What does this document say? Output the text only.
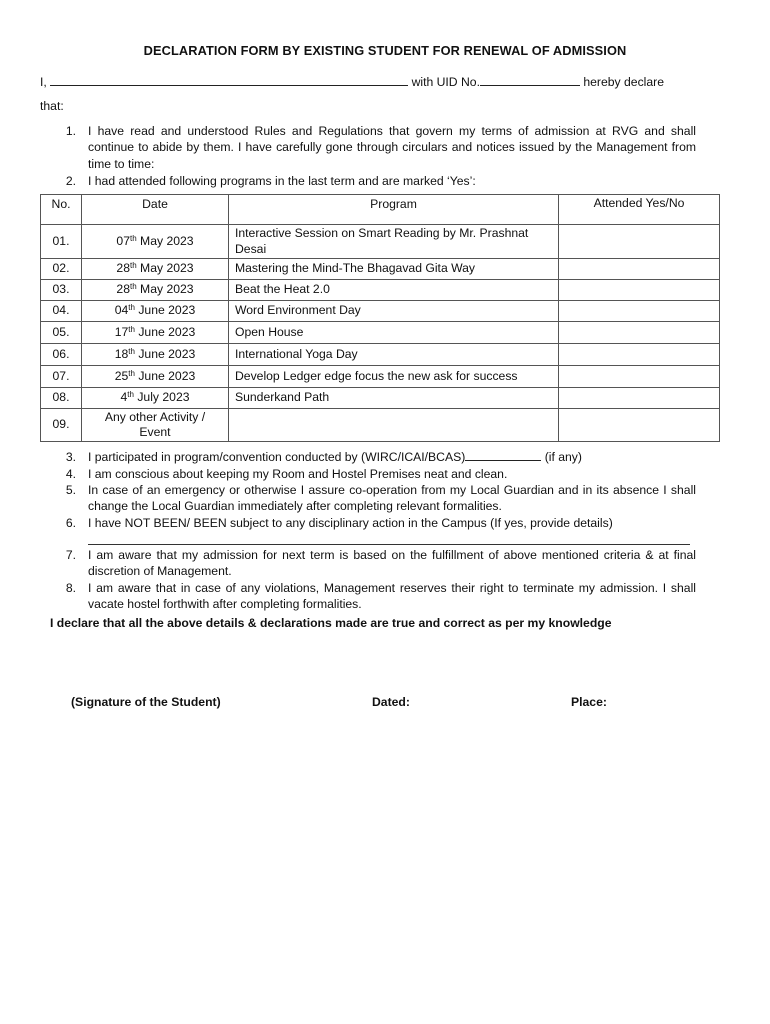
DECLARATION FORM BY EXISTING STUDENT FOR RENEWAL OF ADMISSION
I,	with UID No.	hereby declare
that:
1. I have read and understood Rules and Regulations that govern my terms of admission at RVG and shall continue to abide by them. I have carefully gone through circulars and notices issued by the Management from time to time:
2. I had attended following programs in the last term and are marked ‘Yes’:
No.	Date	Program	Attended Yes/No
01.	07th May 2023	Interactive Session on Smart Reading by Mr. Prashnat Desai	
02.	28th May 2023	Mastering the Mind-The Bhagavad Gita Way	
03.	28th May 2023	Beat the Heat 2.0	
04.	04th June 2023	Word Environment Day	
05.	17th June 2023	Open House	
06.	18th June 2023	International Yoga Day	
07.	25th June 2023	Develop Ledger edge focus the new ask for success	
08.	4th July 2023	Sunderkand Path	
09.	Any other Activity / Event		
3. I participated in program/convention conducted by (WIRC/ICAI/BCAS)	(if any)
4. I am conscious about keeping my Room and Hostel Premises neat and clean.
5. In case of an emergency or otherwise I assure co-operation from my Local Guardian and in its absence I shall change the Local Guardian immediately after completing relevant formalities.
6. I have NOT BEEN/ BEEN subject to any disciplinary action in the Campus (If yes, provide details)
7. I am aware that my admission for next term is based on the fulfillment of above mentioned criteria & at final discretion of Management.
8. I am aware that in case of any violations, Management reserves their right to terminate my admission. I shall vacate hostel forthwith after completing formalities.
I declare that all the above details & declarations made are true and correct as per my knowledge
(Signature of the Student)	Dated:	Place:
